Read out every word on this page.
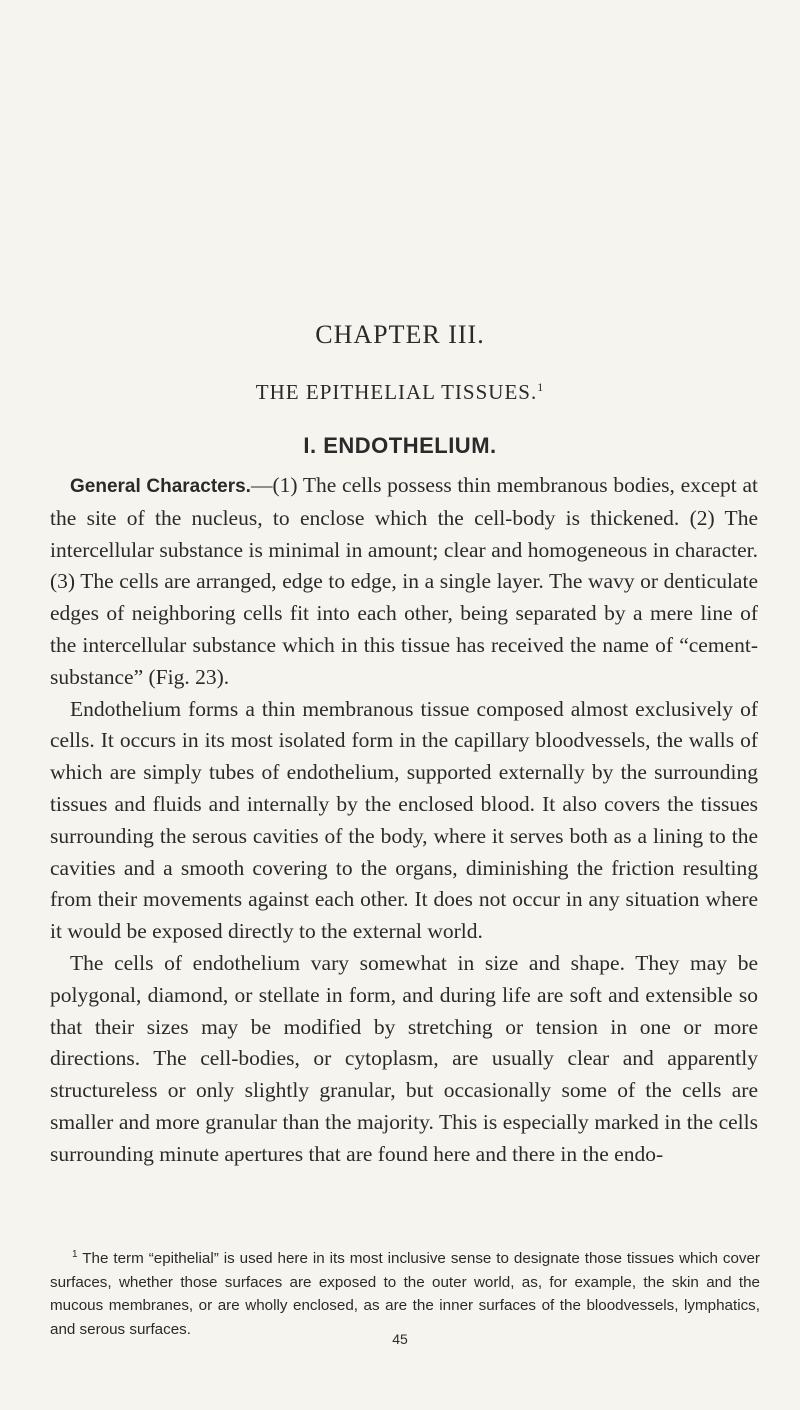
CHAPTER III.
THE EPITHELIAL TISSUES.$^1$
I. ENDOTHELIUM.

General Characters.—(1) The cells possess thin membranous bodies, except at the site of the nucleus, to enclose which the cell-body is thickened. (2) The intercellular substance is minimal in amount; clear and homogeneous in character. (3) The cells are arranged, edge to edge, in a single layer. The wavy or denticulate edges of neighboring cells fit into each other, being separated by a mere line of the intercellular substance which in this tissue has received the name of “cement-substance” (Fig. 23).

Endothelium forms a thin membranous tissue composed almost exclusively of cells. It occurs in its most isolated form in the capillary bloodvessels, the walls of which are simply tubes of endothelium, supported externally by the surrounding tissues and fluids and internally by the enclosed blood. It also covers the tissues surrounding the serous cavities of the body, where it serves both as a lining to the cavities and a smooth covering to the organs, diminishing the friction resulting from their movements against each other. It does not occur in any situation where it would be exposed directly to the external world.

The cells of endothelium vary somewhat in size and shape. They may be polygonal, diamond, or stellate in form, and during life are soft and extensible so that their sizes may be modified by stretching or tension in one or more directions. The cell-bodies, or cytoplasm, are usually clear and apparently structureless or only slightly granular, but occasionally some of the cells are smaller and more granular than the majority. This is especially marked in the cells surrounding minute apertures that are found here and there in the endo-

$^1$ The term “epithelial” is used here in its most inclusive sense to designate those tissues which cover surfaces, whether those surfaces are exposed to the outer world, as, for example, the skin and the mucous membranes, or are wholly enclosed, as are the inner surfaces of the bloodvessels, lymphatics, and serous surfaces.

45
